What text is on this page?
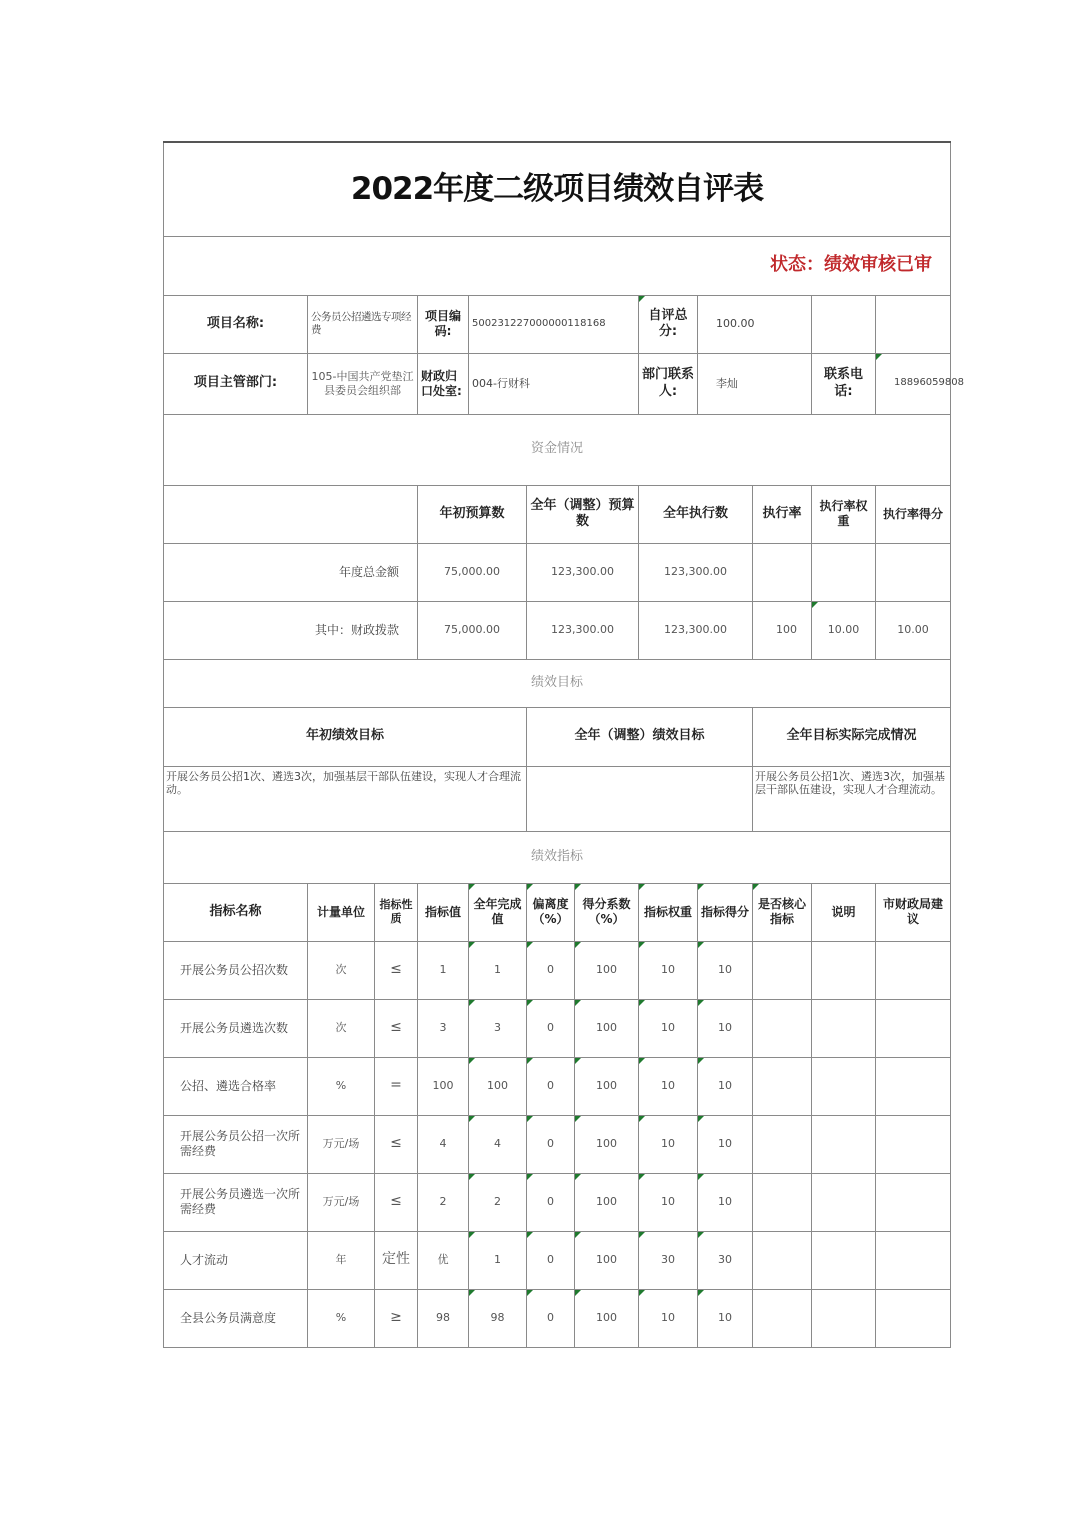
2022年度二级项目绩效自评表											
状态：绩效审核已审											
项目名称:	公务员公招遴选专项经费		项目编码:	500231227000000118168			自评总分:	100.00			
项目主管部门:	105-中国共产党垫江县委员会组织部		财政归口处室:	004-行财科			部门联系人:	李灿		联系电话:	18896059808
资金情况											
			年初预算数		全年（调整）预算数		全年执行数		执行率	执行率权重	执行率得分
年度总金额			75,000.00		123,300.00		123,300.00				
其中：财政拨款			75,000.00		123,300.00		123,300.00		100	10.00	10.00
绩效目标											
年初绩效目标					全年（调整）绩效目标				全年目标实际完成情况		
开展公务员公招1次、遴选3次，加强基层干部队伍建设，实现人才合理流动。									开展公务员公招1次、遴选3次，加强基层干部队伍建设，实现人才合理流动。		
绩效指标											
指标名称	计量单位	指标性质	指标值	全年完成值	偏离度（%）	得分系数（%）	指标权重	指标得分	是否核心指标	说明	市财政局建议
开展公务员公招次数	次	≤	1	1	0	100	10	10			
开展公务员遴选次数	次	≤	3	3	0	100	10	10			
公招、遴选合格率	%	=	100	100	0	100	10	10			
开展公务员公招一次所需经费	万元/场	≤	4	4	0	100	10	10			
开展公务员遴选一次所需经费	万元/场	≤	2	2	0	100	10	10			
人才流动	年	定性	优	1	0	100	30	30			
全县公务员满意度	%	≥	98	98	0	100	10	10			
